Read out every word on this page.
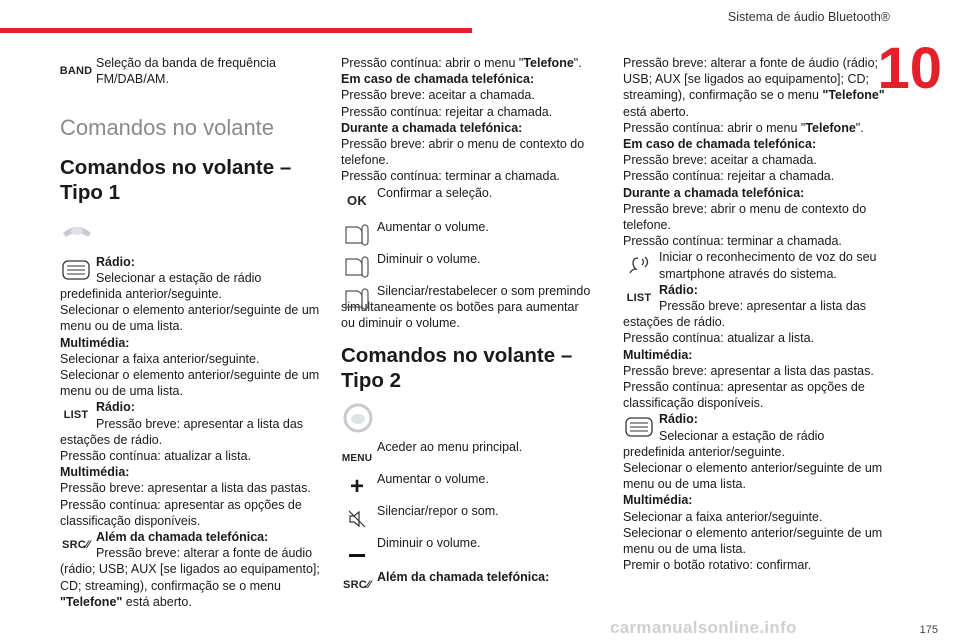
Sistema de áudio Bluetooth®
10
BAND
Seleção da banda de frequência FM/DAB/AM.
Comandos no volante
Comandos no volante – Tipo 1
Rádio:
Selecionar a estação de rádio predefinida anterior/seguinte.
Selecionar o elemento anterior/seguinte de um menu ou de uma lista.
Multimédia:
Selecionar a faixa anterior/seguinte.
Selecionar o elemento anterior/seguinte de um menu ou de uma lista.
LIST
Rádio:
Pressão breve: apresentar a lista das estações de rádio.
Pressão contínua: atualizar a lista.
Multimédia:
Pressão breve: apresentar a lista das pastas.
Pressão contínua: apresentar as opções de classificação disponíveis.
SRC ⁄⁄
Além da chamada telefónica:
Pressão breve: alterar a fonte de áudio (rádio; USB; AUX [se ligados ao equipamento]; CD; streaming), confirmação se o menu "Telefone" está aberto.
Pressão contínua: abrir o menu "Telefone".
Em caso de chamada telefónica:
Pressão breve: aceitar a chamada.
Pressão contínua: rejeitar a chamada.
Durante a chamada telefónica:
Pressão breve: abrir o menu de contexto do telefone.
Pressão contínua: terminar a chamada.
OK Confirmar a seleção.
Aumentar o volume.
Diminuir o volume.
Silenciar/restabelecer o som premindo simultaneamente os botões para aumentar ou diminuir o volume.
Comandos no volante – Tipo 2
MENU
Aceder ao menu principal.
+ Aumentar o volume.
Silenciar/repor o som.
Diminuir o volume.
SRC ⁄⁄
Além da chamada telefónica:
Pressão breve: alterar a fonte de áudio (rádio; USB; AUX [se ligados ao equipamento]; CD; streaming), confirmação se o menu "Telefone" está aberto.
Pressão contínua: abrir o menu "Telefone".
Em caso de chamada telefónica:
Pressão breve: aceitar a chamada.
Pressão contínua: rejeitar a chamada.
Durante a chamada telefónica:
Pressão breve: abrir o menu de contexto do telefone.
Pressão contínua: terminar a chamada.
Iniciar o reconhecimento de voz do seu smartphone através do sistema.
LIST
Rádio:
Pressão breve: apresentar a lista das estações de rádio.
Pressão contínua: atualizar a lista.
Multimédia:
Pressão breve: apresentar a lista das pastas.
Pressão contínua: apresentar as opções de classificação disponíveis.
Rádio:
Selecionar a estação de rádio predefinida anterior/seguinte.
Selecionar o elemento anterior/seguinte de um menu ou de uma lista.
Multimédia:
Selecionar a faixa anterior/seguinte.
Selecionar o elemento anterior/seguinte de um menu ou de uma lista.
Premir o botão rotativo: confirmar.
carmanualsonline.info	175
